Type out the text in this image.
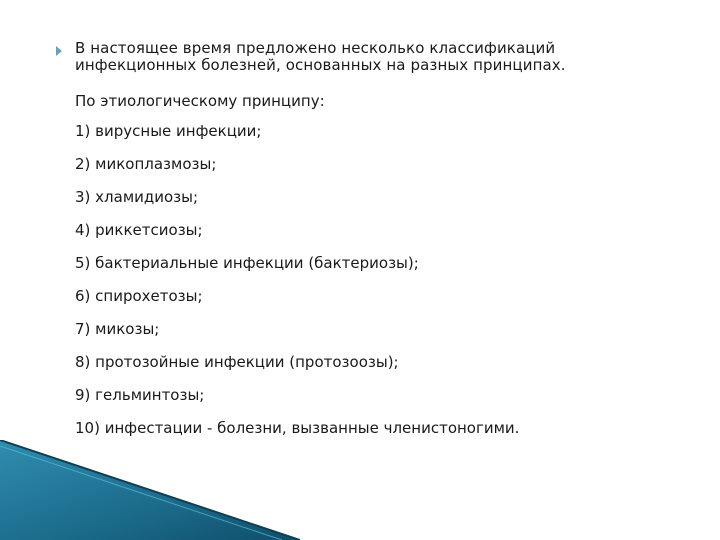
В настоящее время предложено несколько классификаций
инфекционных болезней, основанных на разных принципах.
По этиологическому принципу:
1) вирусные инфекции;
2) микоплазмозы;
3) хламидиозы;
4) риккетсиозы;
5) бактериальные инфекции (бактериозы);
6) спирохетозы;
7) микозы;
8) протозойные инфекции (протозоозы);
9) гельминтозы;
10) инфестации - болезни, вызванные членистоногими.
